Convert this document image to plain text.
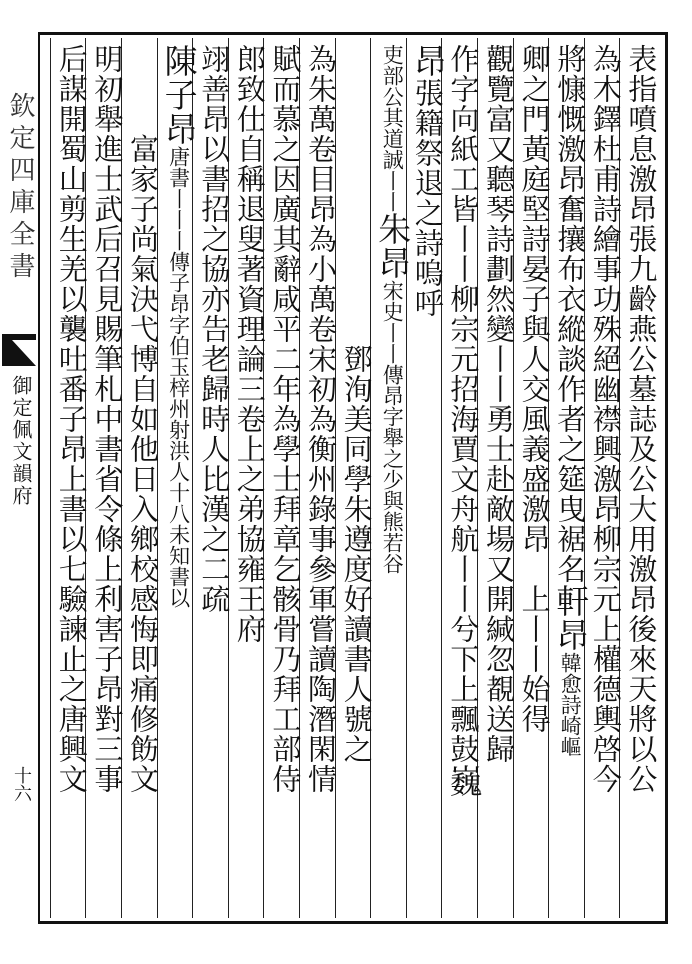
欽定四庫全書
御定佩文韻府
十六	表指噴息激昂張九齡燕公墓誌及公大用激昂後來天將以公
為木鐸杜甫詩繪事功殊絕幽襟興激昂柳宗元上權德輿啓今
將慷慨激昂奮攘布衣縱談作者之筵曳裾名軒昂韓愈詩崎嶇
卿之門黃庭堅詩晏子與人交風義盛激昂　上丨丨始得
觀覽富又聽琴詩劃然變丨丨勇士赴敵場又開緘忽覩送歸
作字向紙工皆丨丨柳宗元招海賈文舟航丨丨兮下上飄鼓巍
昂張籍祭退之詩嗚呼
吏部公其道誠丨丨朱昂宋史丨丨傳昂字舉之少與熊若谷
　　　　　　　　　　鄧洵美同學朱遵度好讀書人號之
為朱萬卷目昂為小萬卷宋初為衡州錄事參軍嘗讀陶潛閑情
賦而慕之因廣其辭咸平二年為學士拜章乞骸骨乃拜工部侍
郎致仕自稱退叟著資理論三卷上之弟協雍王府
翊善昂以書招之協亦告老歸時人比漢之二疏
陳子昂唐書丨丨丨傳子昂字伯玉梓州射洪人十八未知書以
　　　富家子尚氣決弋博自如他日入鄉校感悔即痛修飭文
明初舉進士武后召見賜筆札中書省令條上利害子昂對三事
后謀開蜀山剪生羌以襲吐番子昂上書以七驗諫止之唐興文
